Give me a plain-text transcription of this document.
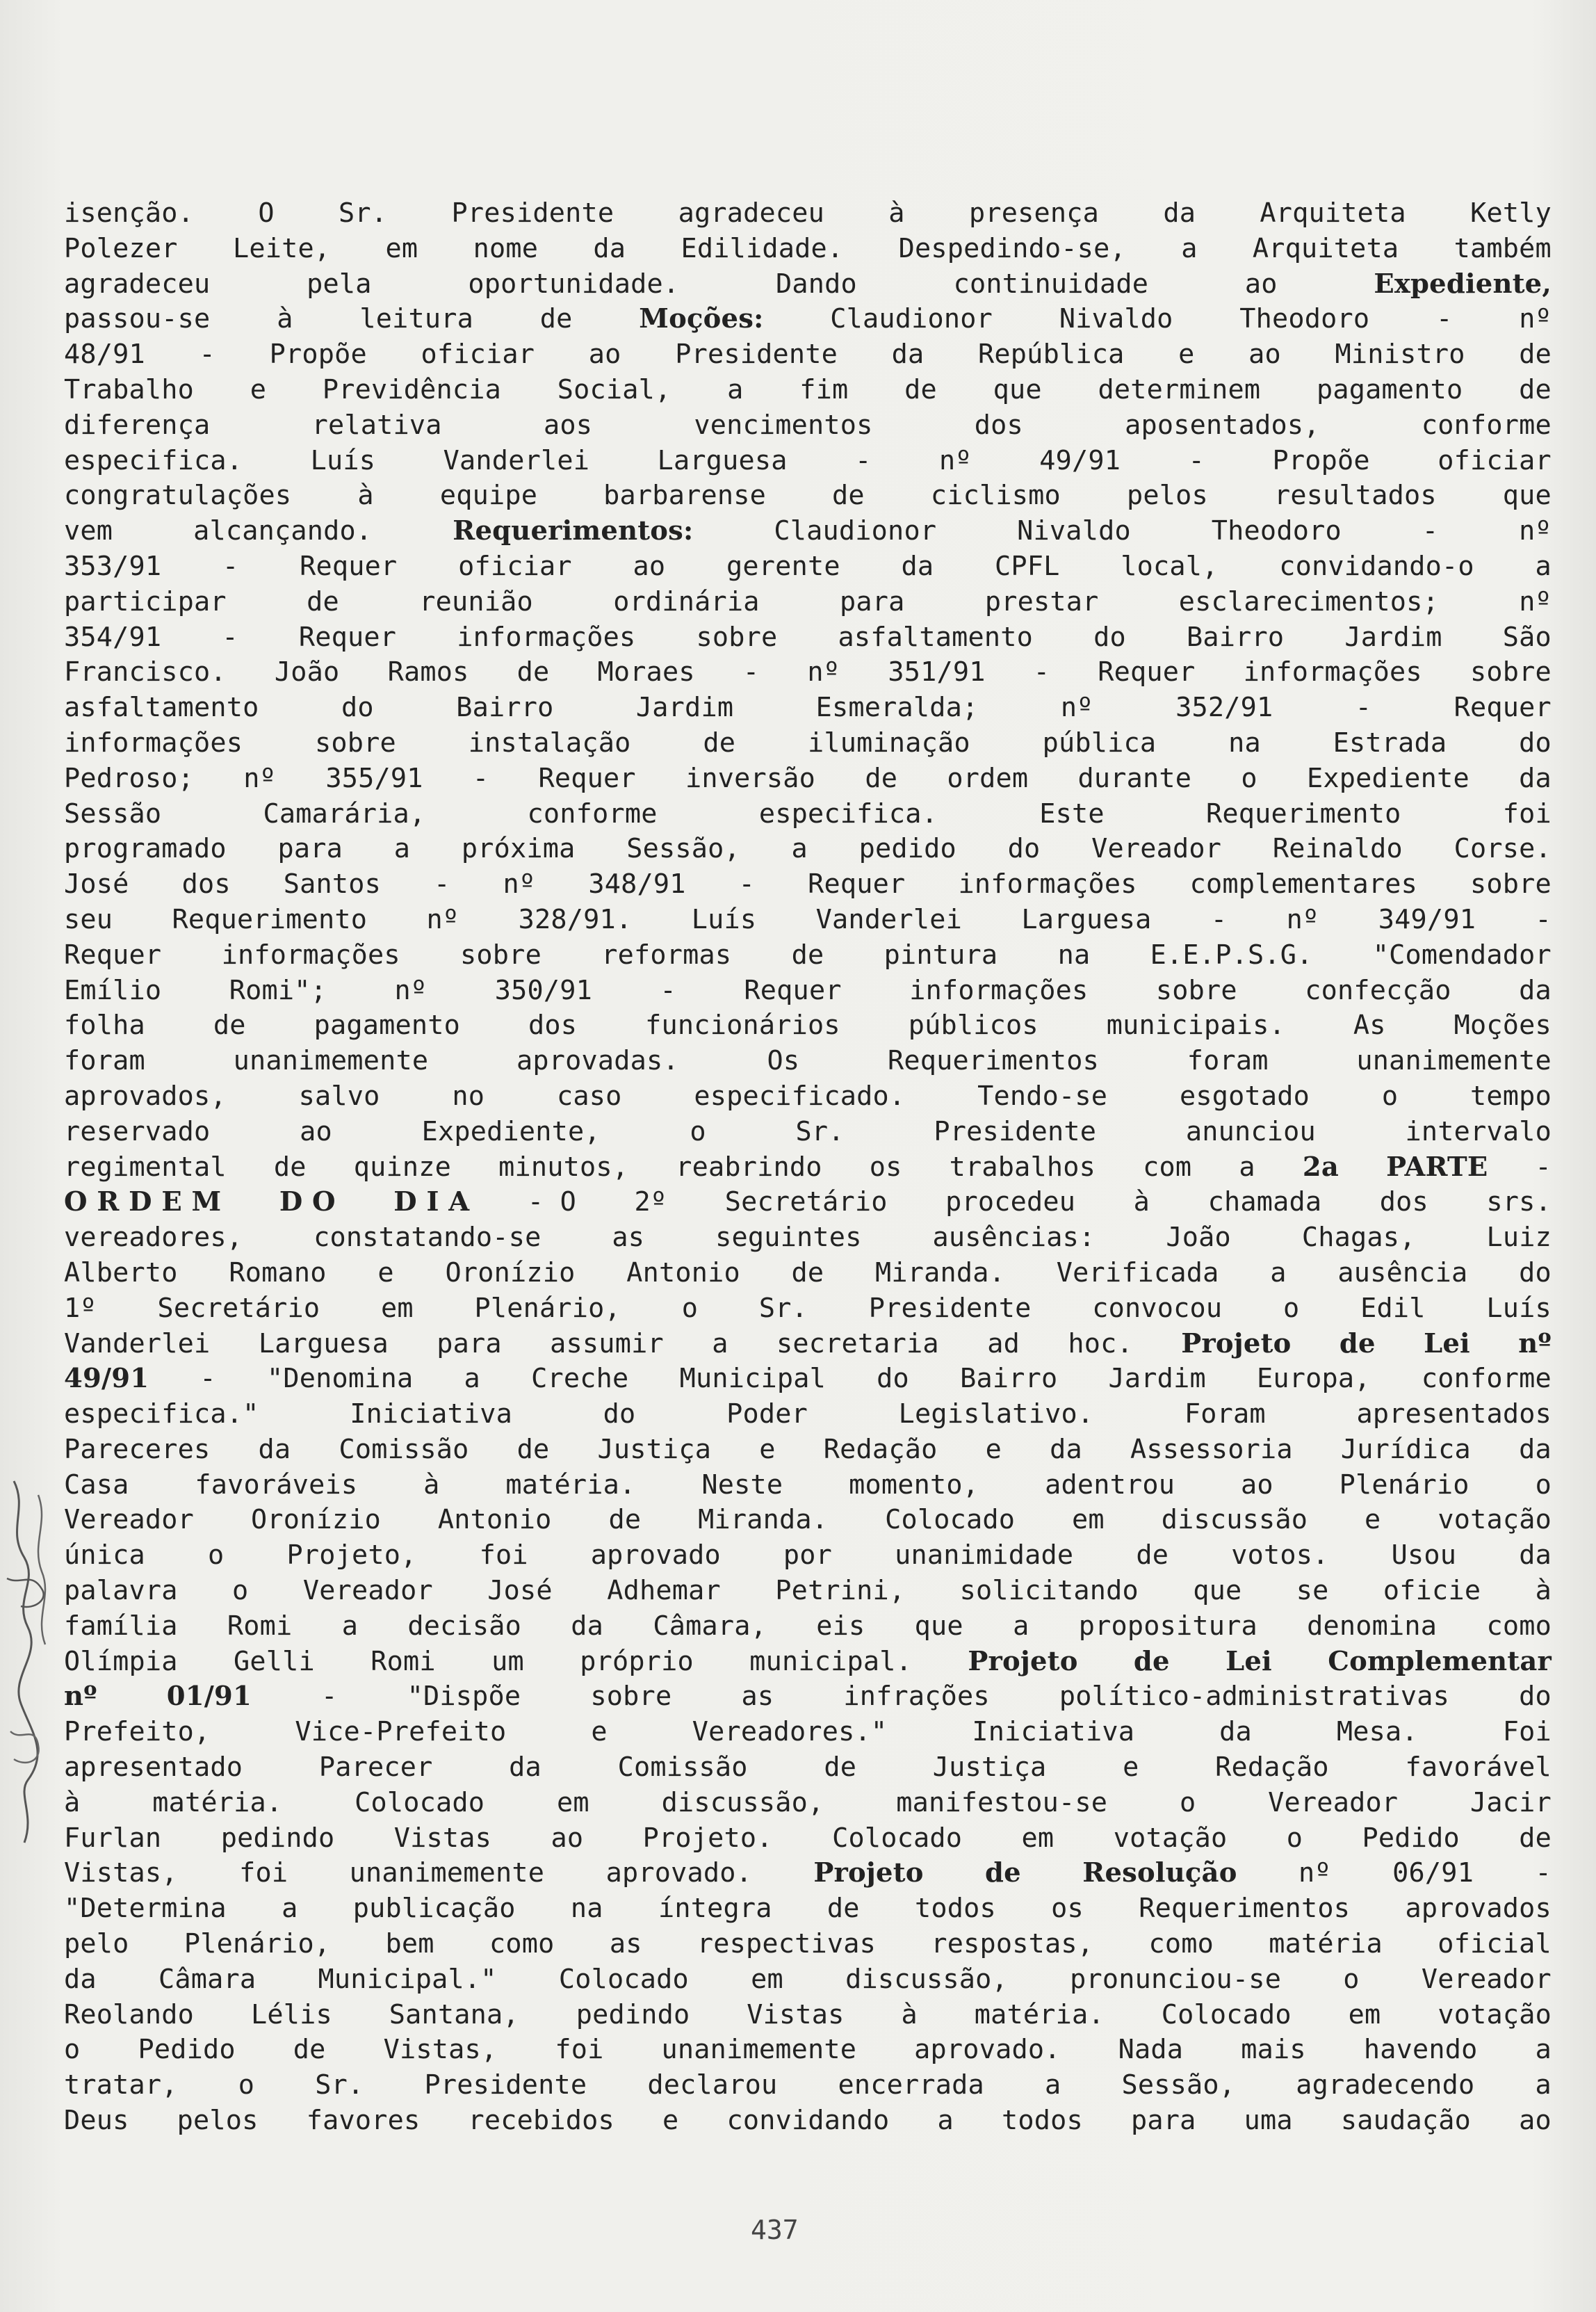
isenção. O Sr. Presidente agradeceu à presença da Arquiteta Ketly
Polezer Leite, em nome da Edilidade. Despedindo-se, a Arquiteta também
agradeceu	pela	oportunidade.	Dando	continuidade	ao	Expediente,
passou-se à leitura de Moções: Claudionor Nivaldo Theodoro - nº
48/91 - Propõe oficiar ao Presidente da República e ao Ministro de
Trabalho e Previdência Social, a fim de que determinem pagamento de
diferença	relativa	aos	vencimentos	dos	aposentados,	conforme
especifica.	Luís	Vanderlei	Larguesa	-	nº	49/91	-	Propõe	oficiar
congratulações à equipe barbarense de ciclismo pelos resultados que
vem	alcançando.	Requerimentos:	Claudionor	Nivaldo	Theodoro	-	nº
353/91 - Requer oficiar ao gerente da CPFL local, convidando-o a
participar	de	reunião	ordinária	para	prestar	esclarecimentos;	nº
354/91 - Requer informações sobre asfaltamento do Bairro Jardim São
Francisco. João Ramos de Moraes - nº 351/91 - Requer informações sobre
asfaltamento	do	Bairro	Jardim	Esmeralda;	nº	352/91	-	Requer
informações	sobre	instalação	de	iluminação	pública	na	Estrada	do
Pedroso; nº 355/91 - Requer inversão de ordem durante o Expediente da
Sessão	Camarária,	conforme	especifica.	Este	Requerimento	foi
programado para a próxima Sessão, a pedido do Vereador Reinaldo Corse.
José dos Santos - nº 348/91 - Requer informações complementares sobre
seu Requerimento nº 328/91. Luís Vanderlei Larguesa - nº 349/91 -
Requer informações sobre reformas de pintura na E.E.P.S.G. "Comendador
Emílio	Romi";	nº	350/91	-	Requer	informações	sobre	confecção	da
folha	de	pagamento	dos	funcionários	públicos	municipais.	As	Moções
foram	unanimemente	aprovadas.	Os	Requerimentos	foram	unanimemente
aprovados,	salvo	no	caso	especificado.	Tendo-se	esgotado	o	tempo
reservado	ao	Expediente,	o	Sr.	Presidente	anunciou	intervalo
regimental de quinze minutos, reabrindo os trabalhos com a 2a PARTE -
O R D E M D O D I A - O 2º Secretário procedeu à chamada dos srs.
vereadores,	constatando-se	as	seguintes	ausências:	João	Chagas,	Luiz
Alberto Romano e Oronízio Antonio de Miranda. Verificada a ausência do
1º Secretário em Plenário, o Sr. Presidente convocou o Edil Luís
Vanderlei Larguesa para assumir a secretaria ad hoc. Projeto de Lei nº
49/91 - "Denomina a Creche Municipal do Bairro Jardim Europa, conforme
especifica."	Iniciativa	do	Poder	Legislativo.	Foram	apresentados
Pareceres da Comissão de Justiça e Redação e da Assessoria Jurídica da
Casa favoráveis à matéria. Neste momento, adentrou ao Plenário o
Vereador Oronízio Antonio de Miranda. Colocado em discussão e votação
única o Projeto, foi aprovado por unanimidade de votos. Usou da
palavra o Vereador José Adhemar Petrini, solicitando que se oficie à
família Romi a decisão da Câmara, eis que a propositura denomina como
Olímpia Gelli Romi um próprio municipal. Projeto de Lei Complementar
nº	01/91	-	"Dispõe	sobre	as	infrações	político-administrativas	do
Prefeito,	Vice-Prefeito	e	Vereadores."	Iniciativa	da	Mesa.	Foi
apresentado	Parecer	da	Comissão	de	Justiça	e	Redação	favorável
à	matéria.	Colocado	em	discussão,	manifestou-se	o	Vereador	Jacir
Furlan pedindo Vistas ao Projeto. Colocado em votação o Pedido de
Vistas, foi unanimemente aprovado. Projeto de Resolução nº 06/91 -
"Determina a publicação na íntegra de todos os Requerimentos aprovados
pelo Plenário, bem como as respectivas respostas, como matéria oficial
da Câmara Municipal." Colocado em discussão, pronunciou-se o Vereador
Reolando Lélis Santana, pedindo Vistas à matéria. Colocado em votação
o Pedido de Vistas, foi unanimemente aprovado. Nada mais havendo a
tratar, o Sr. Presidente declarou encerrada a Sessão, agradecendo a
Deus pelos favores recebidos e convidando a todos para uma saudação ao
437
